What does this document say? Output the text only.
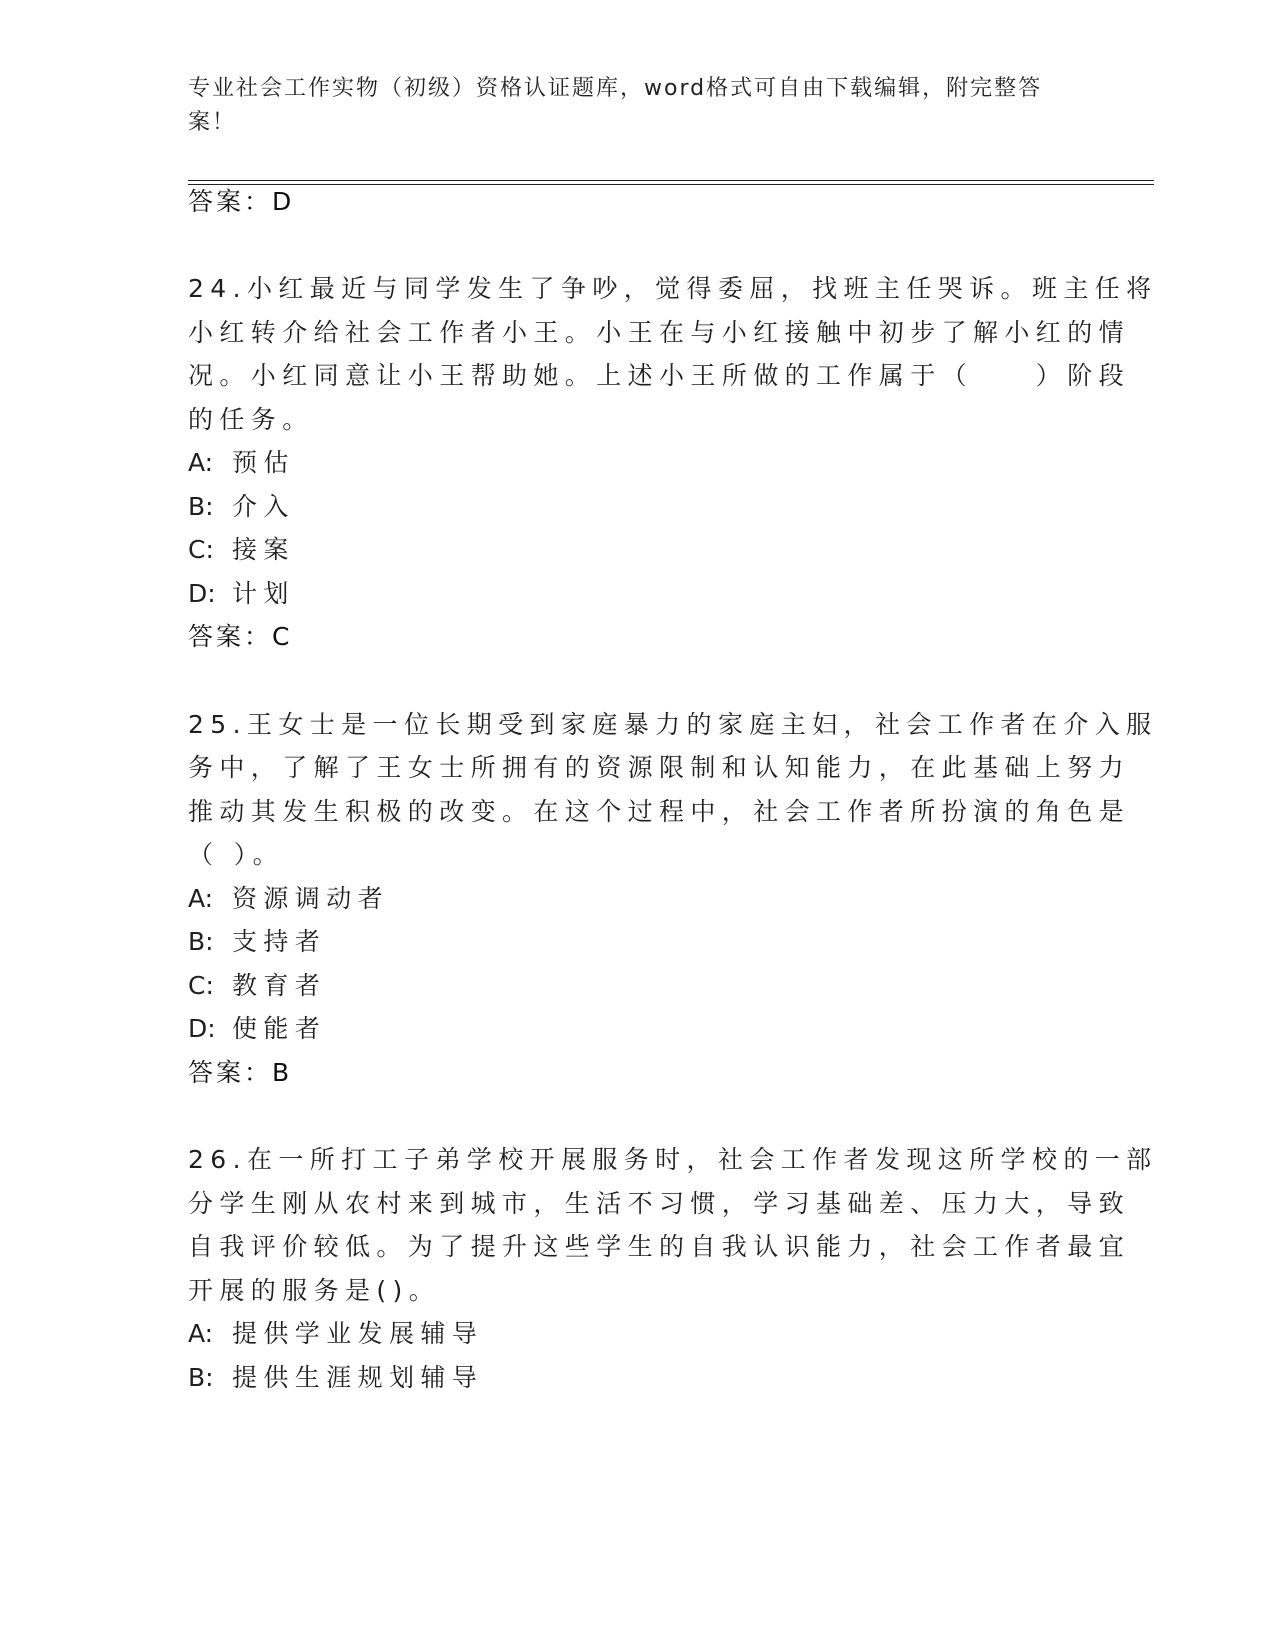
专业社会工作实物（初级）资格认证题库，word格式可自由下载编辑，附完整答案！
答案：D
24.小红最近与同学发生了争吵，觉得委屈，找班主任哭诉。班主任将
小红转介给社会工作者小王。小王在与小红接触中初步了解小红的情
况。小红同意让小王帮助她。上述小王所做的工作属于（　　）阶段
的任务。
A: 预估
B: 介入
C: 接案
D: 计划
答案：C
25.王女士是一位长期受到家庭暴力的家庭主妇，社会工作者在介入服
务中，了解了王女士所拥有的资源限制和认知能力，在此基础上努力
推动其发生积极的改变。在这个过程中，社会工作者所扮演的角色是
（ ）。
A: 资源调动者
B: 支持者
C: 教育者
D: 使能者
答案：B
26.在一所打工子弟学校开展服务时，社会工作者发现这所学校的一部
分学生刚从农村来到城市，生活不习惯，学习基础差、压力大，导致
自我评价较低。为了提升这些学生的自我认识能力，社会工作者最宜
开展的服务是()。
A: 提供学业发展辅导
B: 提供生涯规划辅导
